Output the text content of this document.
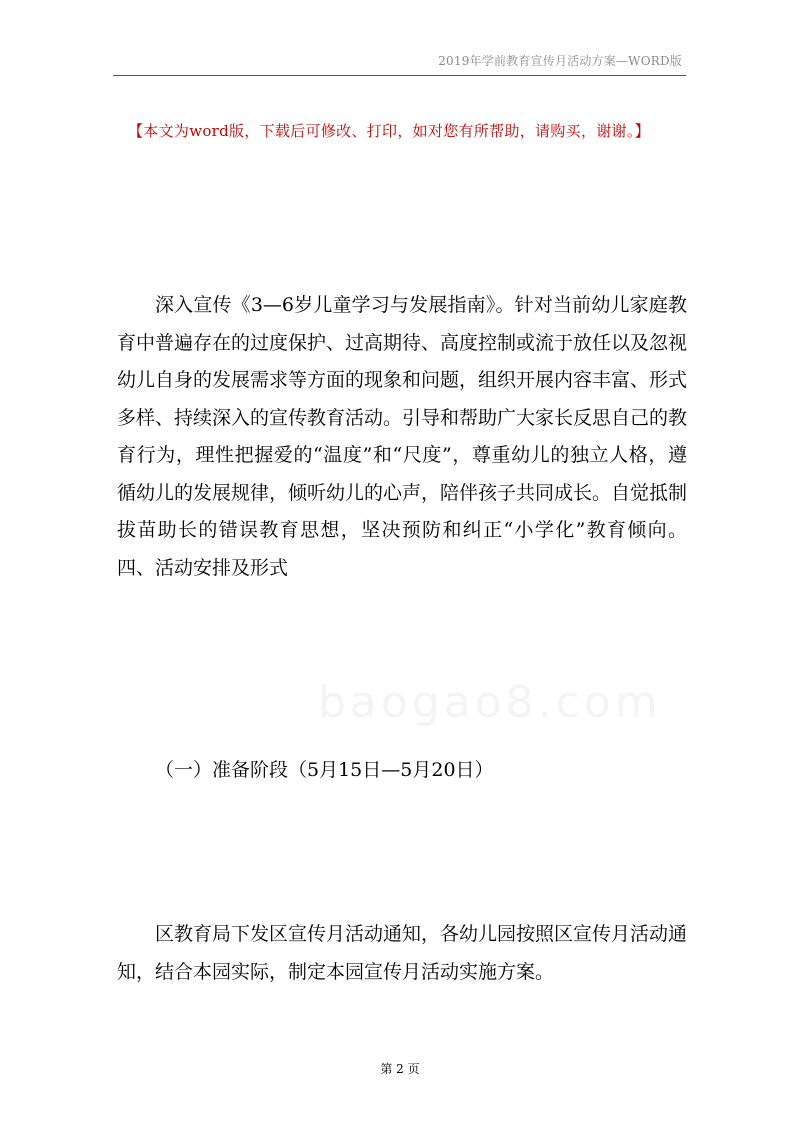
2019年学前教育宣传月活动方案—WORD版
【本文为word版，下载后可修改、打印，如对您有所帮助，请购买，谢谢。】
baogao8.com

深入宣传《3—6岁儿童学习与发展指南》。针对当前幼儿家庭教育中普遍存在的过度保护、过高期待、高度控制或流于放任以及忽视幼儿自身的发展需求等方面的现象和问题，组织开展内容丰富、形式多样、持续深入的宣传教育活动。引导和帮助广大家长反思自己的教育行为，理性把握爱的“温度”和“尺度”，尊重幼儿的独立人格，遵循幼儿的发展规律，倾听幼儿的心声，陪伴孩子共同成长。自觉抵制拔苗助长的错误教育思想，坚决预防和纠正“小学化”教育倾向。四、活动安排及形式

（一）准备阶段（5月15日—5月20日）

区教育局下发区宣传月活动通知，各幼儿园按照区宣传月活动通知，结合本园实际，制定本园宣传月活动实施方案。

第 2 页
